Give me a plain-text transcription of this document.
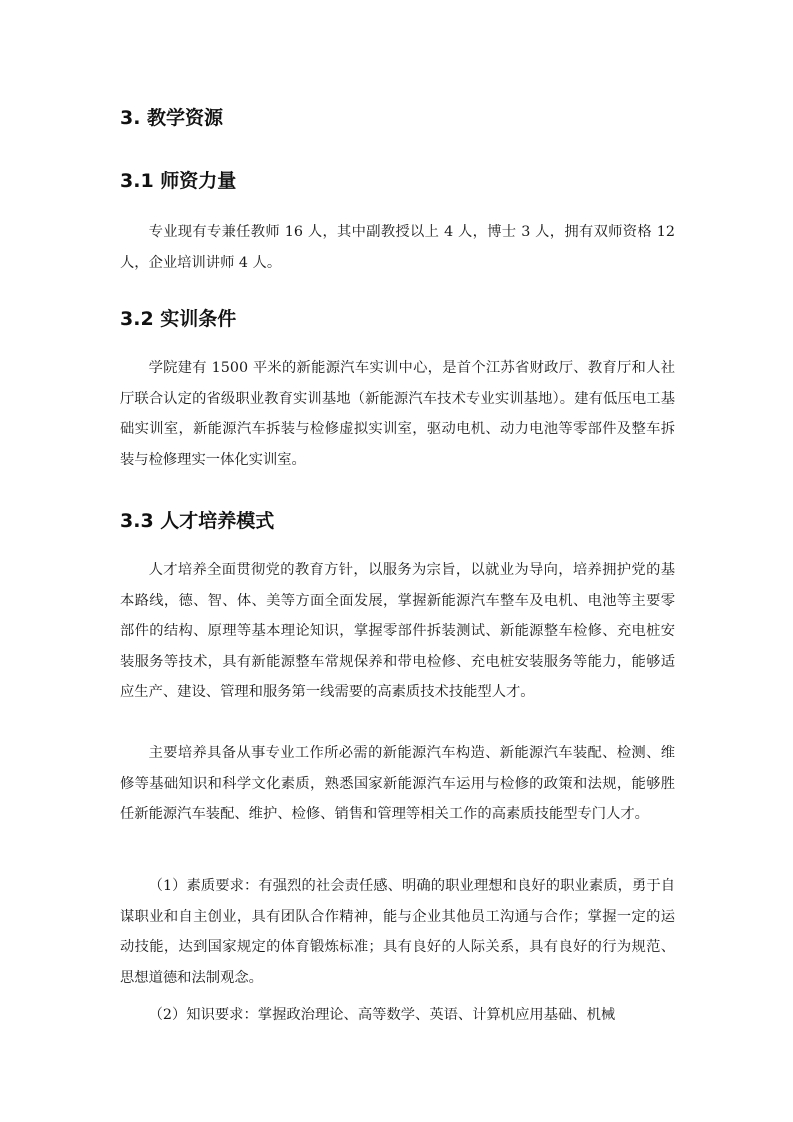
3. 教学资源
3.1 师资力量

专业现有专兼任教师 16 人，其中副教授以上 4 人，博士 3 人，拥有双师资格 12 人，企业培训讲师 4 人。

3.2 实训条件

学院建有 1500 平米的新能源汽车实训中心，是首个江苏省财政厅、教育厅和人社厅联合认定的省级职业教育实训基地（新能源汽车技术专业实训基地）。建有低压电工基础实训室，新能源汽车拆装与检修虚拟实训室，驱动电机、动力电池等零部件及整车拆装与检修理实一体化实训室。

3.3 人才培养模式

人才培养全面贯彻党的教育方针，以服务为宗旨，以就业为导向，培养拥护党的基本路线，德、智、体、美等方面全面发展，掌握新能源汽车整车及电机、电池等主要零部件的结构、原理等基本理论知识，掌握零部件拆装测试、新能源整车检修、充电桩安装服务等技术，具有新能源整车常规保养和带电检修、充电桩安装服务等能力，能够适应生产、建设、管理和服务第一线需要的高素质技术技能型人才。

主要培养具备从事专业工作所必需的新能源汽车构造、新能源汽车装配、检测、维修等基础知识和科学文化素质，熟悉国家新能源汽车运用与检修的政策和法规，能够胜任新能源汽车装配、维护、检修、销售和管理等相关工作的高素质技能型专门人才。

（1）素质要求：有强烈的社会责任感、明确的职业理想和良好的职业素质，勇于自谋职业和自主创业，具有团队合作精神，能与企业其他员工沟通与合作；掌握一定的运动技能，达到国家规定的体育锻炼标准；具有良好的人际关系，具有良好的行为规范、思想道德和法制观念。

（2）知识要求：掌握政治理论、高等数学、英语、计算机应用基础、机械
